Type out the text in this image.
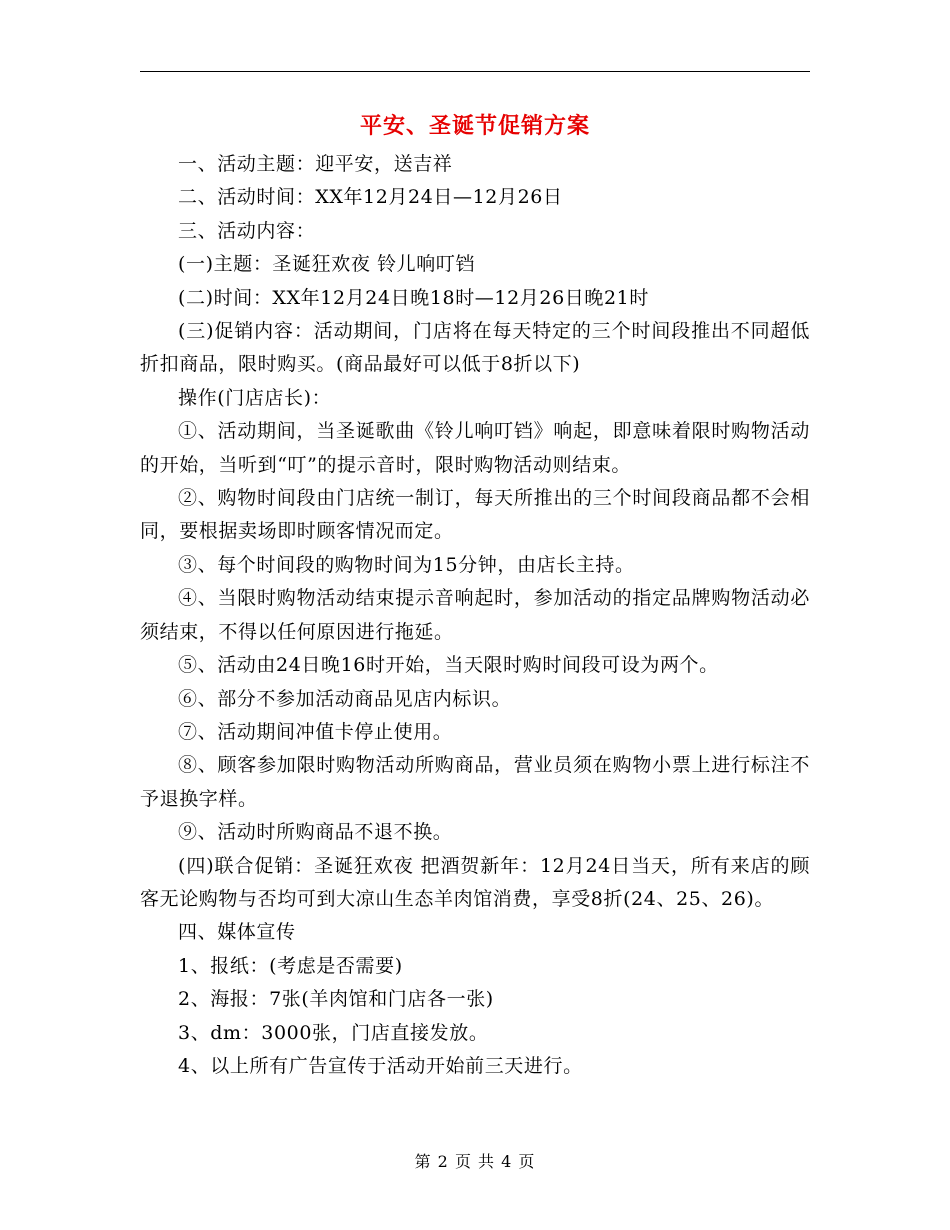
平安、圣诞节促销方案

一、活动主题：迎平安，送吉祥

二、活动时间：XX年12月24日—12月26日

三、活动内容：

(一)主题：圣诞狂欢夜 铃儿响叮铛

(二)时间：XX年12月24日晚18时—12月26日晚21时

(三)促销内容：活动期间，门店将在每天特定的三个时间段推出不同超低折扣商品，限时购买。(商品最好可以低于8折以下)

操作(门店店长)：

①、活动期间，当圣诞歌曲《铃儿响叮铛》响起，即意味着限时购物活动的开始，当听到“叮”的提示音时，限时购物活动则结束。

②、购物时间段由门店统一制订，每天所推出的三个时间段商品都不会相同，要根据卖场即时顾客情况而定。

③、每个时间段的购物时间为15分钟，由店长主持。

④、当限时购物活动结束提示音响起时，参加活动的指定品牌购物活动必须结束，不得以任何原因进行拖延。

⑤、活动由24日晚16时开始，当天限时购时间段可设为两个。

⑥、部分不参加活动商品见店内标识。

⑦、活动期间冲值卡停止使用。

⑧、顾客参加限时购物活动所购商品，营业员须在购物小票上进行标注不予退换字样。

⑨、活动时所购商品不退不换。

(四)联合促销：圣诞狂欢夜 把酒贺新年：12月24日当天，所有来店的顾客无论购物与否均可到大凉山生态羊肉馆消费，享受8折(24、25、26)。

四、媒体宣传

1、报纸：(考虑是否需要)

2、海报：7张(羊肉馆和门店各一张)

3、dm：3000张，门店直接发放。

4、以上所有广告宣传于活动开始前三天进行。

第 2 页 共 4 页
